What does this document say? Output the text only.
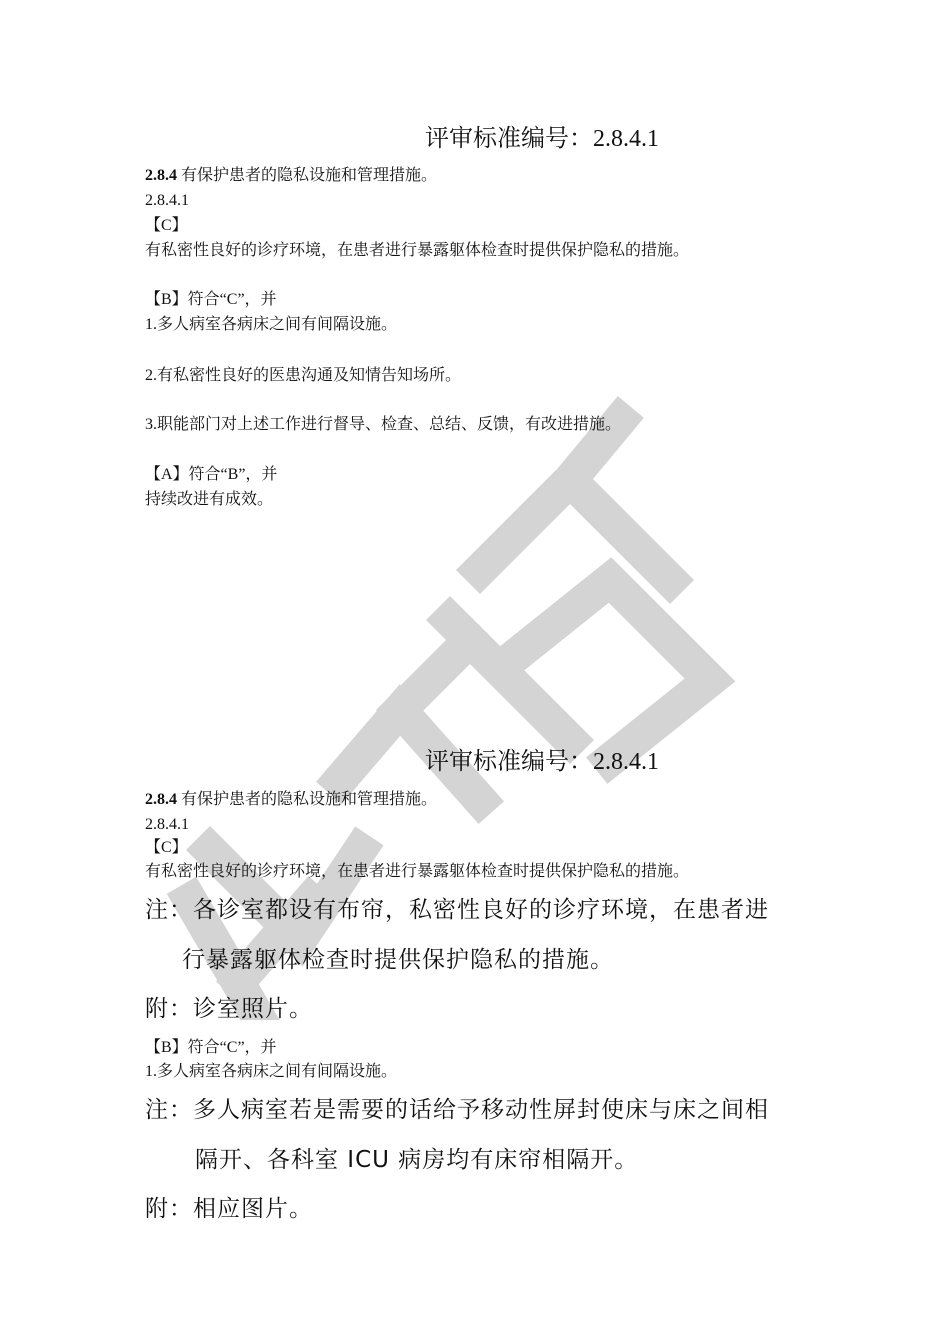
评审标准编号：2.8.4.1
2.8.4 有保护患者的隐私设施和管理措施。
2.8.4.1
【C】
有私密性良好的诊疗环境，在患者进行暴露躯体检查时提供保护隐私的措施。
【B】符合“C”，并
1.多人病室各病床之间有间隔设施。
2.有私密性良好的医患沟通及知情告知场所。
3.职能部门对上述工作进行督导、检查、总结、反馈，有改进措施。
【A】符合“B”，并
持续改进有成效。
评审标准编号：2.8.4.1
2.8.4 有保护患者的隐私设施和管理措施。
2.8.4.1
【C】
有私密性良好的诊疗环境，在患者进行暴露躯体检查时提供保护隐私的措施。
注：各诊室都设有布帘，私密性良好的诊疗环境，在患者进
行暴露躯体检查时提供保护隐私的措施。
附：诊室照片。
【B】符合“C”，并
1.多人病室各病床之间有间隔设施。
注：多人病室若是需要的话给予移动性屏封使床与床之间相
隔开、各科室 ICU 病房均有床帘相隔开。
附：相应图片。
